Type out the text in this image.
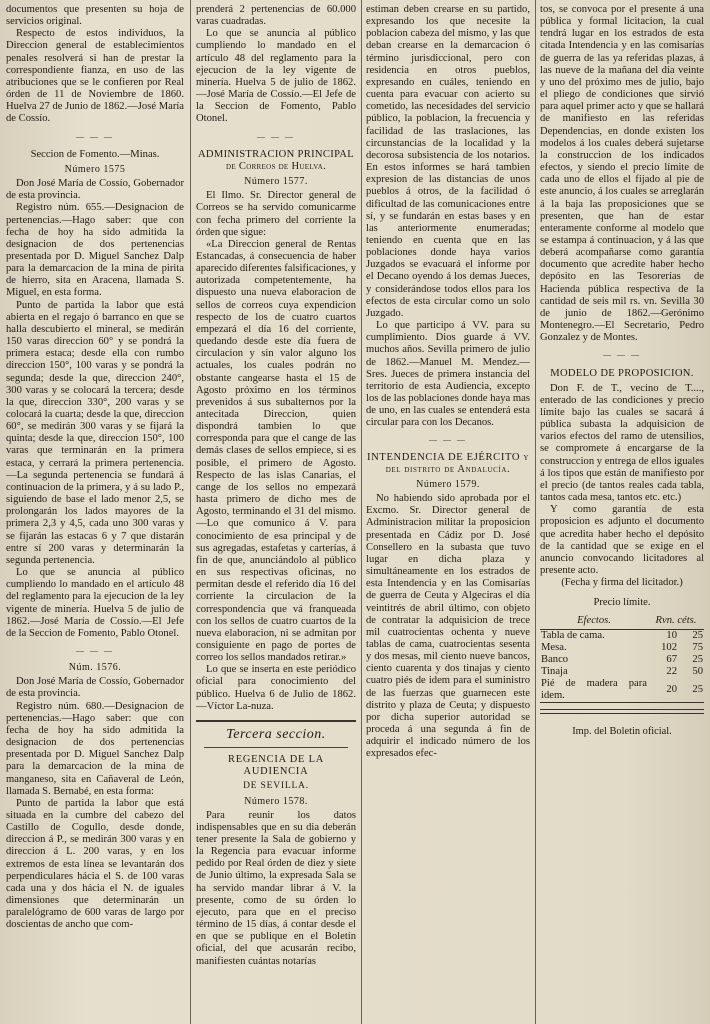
documentos que presenten su hoja de servicios original.

Respecto de estos individuos, la Direccion general de establecimientos penales resolverá si han de prestar la correspondiente fianza, en uso de las atribuciones que se le confieren por Real órden de 11 de Noviembre de 1860. Huelva 27 de Junio de 1862.—José María de Cossío.

— — —

Seccion de Fomento.—Minas.

Número 1575

Don José María de Cossío, Gobernador de esta provincia.

Registro núm. 655.—Designacion de pertenencias.—Hago saber: que con fecha de hoy ha sido admitida la designacion de dos pertenencias presentada por D. Miguel Sanchez Dalp para la demarcacion de la mina de pirita de hierro, sita en Aracena, llamada S. Miguel, en esta forma.

Punto de partida la labor que está abierta en el regajo ó barranco en que se halla descubierto el mineral, se medirán 150 varas direccion 60° y se pondrá la primera estaca; desde ella con rumbo direccion 150°, 100 varas y se pondrá la segunda; desde la que, direccion 240°, 300 varas y se colocará la tercera; desde la que, direccion 330°, 200 varas y se colocará la cuarta; desde la que, direccion 60°, se medirán 300 varas y se fijará la quinta; desde la que, direccion 150°, 100 varas que terminarán en la primera estaca, y cerrará la primera pertenencia.—La segunda pertenencia se fundará á continuacion de la primera, y á su lado P., siguiendo de base el lado menor 2,5, se prolongarán los lados mayores de la primera 2,3 y 4,5, cada uno 300 varas y se fijarán las estacas 6 y 7 que distarán entre sí 200 varas y determinarán la segunda pertenencia.

Lo que se anuncia al público cumpliendo lo mandado en el artículo 48 del reglamento para la ejecucion de la ley vigente de minería. Huelva 5 de julio de 1862.—José María de Cossío.—El Jefe de la Seccion de Fomento, Pablo Otonel.

— — —

Núm. 1576.

Don José María de Cossío, Gobernador de esta provincia.

Registro núm. 680.—Designacion de pertenencias.—Hago saber: que con fecha de hoy ha sido admitida la designacion de dos pertenencias presentada por D. Miguel Sanchez Dalp para la demarcacion de la mina de manganeso, sita en Cañaveral de León, llamada S. Bernabé, en esta forma:

Punto de partida la labor que está situada en la cumbre del cabezo del Castillo de Cogullo, desde donde, direccion á P., se medirán 300 varas y en direccion á L. 200 varas, y en los extremos de esta línea se levantarán dos perpendiculares hácia el S. de 100 varas cada una y dos hácia el N. de iguales dimensiones que determinarán un paralelógramo de 600 varas de largo por doscientas de ancho que com-

prenderá 2 pertenencias de 60.000 varas cuadradas.

Lo que se anuncia al público cumpliendo lo mandado en el artículo 48 del reglamento para la ejecucion de la ley vigente de minería. Huelva 5 de julio de 1862.—José María de Cossío.—El Jefe de la Seccion de Fomento, Pablo Otonel.

— — —

ADMINISTRACION PRINCIPAL de Correos de Huelva.

Número 1577.

El Ilmo. Sr. Director general de Correos se ha servido comunicarme con fecha primero del corriente la órden que sigue:

«La Direccion general de Rentas Estancadas, á consecuencia de haber aparecido diferentes falsificaciones, y autorizada competentemente, ha dispuesto una nueva elaboracion de sellos de correos cuya expendicion respecto de los de cuatro cuartos empezará el día 16 del corriente, quedando desde este día fuera de circulacion y sin valor alguno los actuales, los cuales podrán no obstante cangearse hasta el 15 de Agosto próximo en los términos prevenidos á sus subalternos por la antecitada Direccion, quien dispondrá tambien lo que corresponda para que el cange de las demás clases de sellos empiece, si es posible, el primero de Agosto. Respecto de las islas Canarias, el cange de los sellos no empezará hasta primero de dicho mes de Agosto, terminando el 31 del mismo.—Lo que comunico á V. para conocimiento de esa principal y de sus agregadas, estafetas y carterías, á fin de que, anunciándolo al público en sus respectivas oficinas, no permitan desde el referido día 16 del corriente la circulacion de la correspondencia que vá franqueada con los sellos de cuatro cuartos de la nueva elaboracion, ni se admitan por consiguiente en pago de portes de correo los sellos mandados retirar.»

Lo que se inserta en este periódico oficial para conocimiento del público. Huelva 6 de Julio de 1862.—Víctor La-nuza.

Tercera seccion.

REGENCIA DE LA AUDIENCIA

DE SEVILLA.

Número 1578.

Para reunir los datos indispensables que en su dia deberán tener presente la Sala de gobierno y la Regencia para evacuar informe pedido por Real órden de diez y siete de Junio último, la expresada Sala se ha servido mandar librar á V. la presente, como de su órden lo ejecuto, para que en el preciso término de 15 días, á contar desde el en que se publique en el Boletín oficial, del que acusarán recibo, manifiesten cuántas notarías

estiman deben crearse en su partido, expresando los que necesite la poblacion cabeza del mismo, y las que deban crearse en la demarcacion ó término jurisdiccional, pero con residencia en otros pueblos, expresando en cuáles, teniendo en cuenta para evacuar con acierto su cometido, las necesidades del servicio público, la poblacion, la frecuencia y facilidad de las traslaciones, las circunstancias de la localidad y la decorosa subsistencia de los notarios. En estos informes se hará tambien expresion de las distancias de unos pueblos á otros, de la facilidad ó dificultad de las comunicaciones entre sí, y se fundarán en estas bases y en las anteriormente enumeradas; teniendo en cuenta que en las poblaciones donde haya varios Juzgados se evacuará el informe por el Decano oyendo á los demas Jueces, y considerándose todos ellos para los efectos de esta circular como un solo Juzgado.

Lo que participo á VV. para su cumplimiento. Dios guarde á VV. muchos años. Sevilla primero de julio de 1862.—Manuel M. Mendez.—Sres. Jueces de primera instancia del territorio de esta Audiencia, excepto los de las poblaciones donde haya mas de uno, en las cuales se entenderá esta circular para con los Decanos.

— — —

INTENDENCIA DE EJÉRCITO y del distrito de Andalucía.

Número 1579.

No habiendo sido aprobada por el Excmo. Sr. Director general de Administracion militar la proposicion presentada en Cádiz por D. José Consellero en la subasta que tuvo lugar en dicha plaza y simultáneamente en los estrados de esta Intendencia y en las Comisarías de guerra de Ceuta y Algeciras el día veintitrés de abril último, con objeto de contratar la adquisicion de trece mil cuatrocientas ochenta y nueve tablas de cama, cuatrocientas sesenta y dos mesas, mil ciento nueve bancos, ciento cuarenta y dos tinajas y ciento cuatro piés de idem para el suministro de las fuerzas que guarnecen este distrito y plaza de Ceuta; y dispuesto por dicha superior autoridad se proceda á una segunda á fin de adquirir el indicado número de los expresados efec-

tos, se convoca por el presente á una pública y formal licitacion, la cual tendrá lugar en los estrados de esta citada Intendencia y en las comisarías de guerra de las ya referidas plazas, á las nueve de la mañana del día veinte y uno del próximo mes de julio, bajo el pliego de condiciones que sirvió para aquel primer acto y que se hallará de manifiesto en las referidas Dependencias, en donde existen los modelos á los cuales deberá sujetarse la construccion de los indicados efectos, y siendo el precio límite de cada uno de ellos el fijado al pie de este anuncio, á los cuales se arreglarán á la baja las proposiciones que se presenten, que han de estar enteramente conforme al modelo que se estampa á continuacion, y á las que deberá acompañarse como garantía documento que acredite haber hecho depósito en las Tesorerías de Hacienda pública respectiva de la cantidad de seis mil rs. vn. Sevilla 30 de junio de 1862.—Gerónimo Montenegro.—El Secretario, Pedro Gonzalez y de Montes.

— — —

MODELO DE PROPOSICION.

Don F. de T., vecino de T...., enterado de las condiciones y precio límite bajo las cuales se sacará á pública subasta la adquisicion de varios efectos del ramo de utensilios, se compromete á encargarse de la construccion y entrega de ellos iguales á los tipos que están de manifiesto por el precio (de tantos reales cada tabla, tantos cada mesa, tantos etc. etc.)

Y como garantía de esta proposicion es adjunto el documento que acredita haber hecho el depósito de la cantidad que se exige en el anuncio convocando licitadores al presente acto.

(Fecha y firma del licitador.)

Precio límite.

Efectos.	Rvn. céts.	
Tabla de cama.	10	25
Mesa.	102	75
Banco	67	25
Tinaja	22	50
Pié de madera para idem.	20	25

Imp. del Boletin oficial.
